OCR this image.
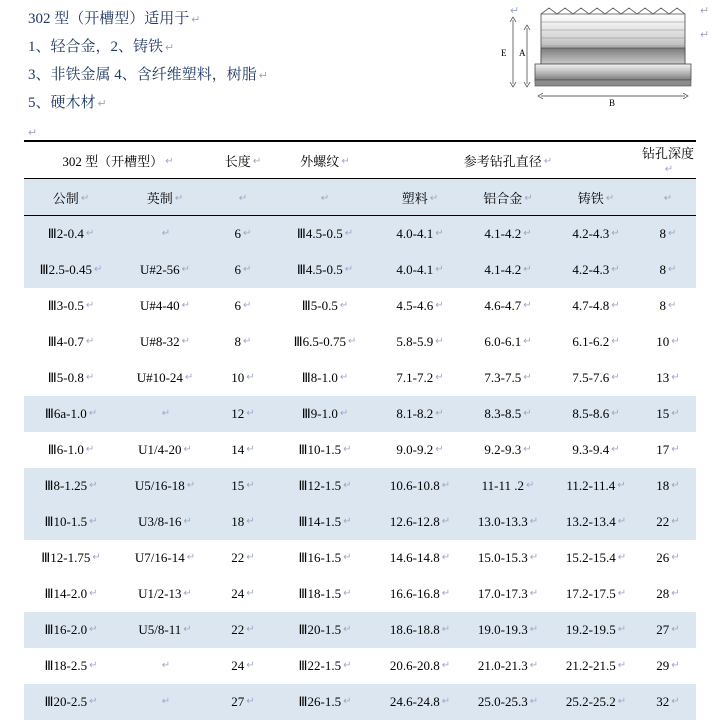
302 型（开槽型）适用于 ↵
1、轻合金，2、铸铁 ↵
3、非铁金属 4、含纤维塑料，树脂 ↵
5、硬木材 ↵
↵	↵
↵
A
E
B
↵
302 型（开槽型） ↵		长度 ↵	外螺纹 ↵	参考钻孔直径 ↵			钻孔深度↵
公制 ↵	英制 ↵	↵	↵	塑料 ↵	铝合金 ↵	铸铁 ↵	↵
Ⅲ2-0.4 ↵	↵	6 ↵	Ⅲ4.5-0.5 ↵	4.0-4.1 ↵	4.1-4.2 ↵	4.2-4.3 ↵	8 ↵
Ⅲ2.5-0.45 ↵	U#2-56 ↵	6 ↵	Ⅲ4.5-0.5 ↵	4.0-4.1 ↵	4.1-4.2 ↵	4.2-4.3 ↵	8 ↵
Ⅲ3-0.5 ↵	U#4-40 ↵	6 ↵	Ⅲ5-0.5 ↵	4.5-4.6 ↵	4.6-4.7 ↵	4.7-4.8 ↵	8 ↵
Ⅲ4-0.7 ↵	U#8-32 ↵	8 ↵	Ⅲ6.5-0.75 ↵	5.8-5.9 ↵	6.0-6.1 ↵	6.1-6.2 ↵	10 ↵
Ⅲ5-0.8 ↵	U#10-24 ↵	10 ↵	Ⅲ8-1.0 ↵	7.1-7.2 ↵	7.3-7.5 ↵	7.5-7.6 ↵	13 ↵
Ⅲ6a-1.0 ↵	↵	12 ↵	Ⅲ9-1.0 ↵	8.1-8.2 ↵	8.3-8.5 ↵	8.5-8.6 ↵	15 ↵
Ⅲ6-1.0 ↵	U1/4-20 ↵	14 ↵	Ⅲ10-1.5 ↵	9.0-9.2 ↵	9.2-9.3 ↵	9.3-9.4 ↵	17 ↵
Ⅲ8-1.25 ↵	U5/16-18 ↵	15 ↵	Ⅲ12-1.5 ↵	10.6-10.8 ↵	11-11 .2 ↵	11.2-11.4 ↵	18 ↵
Ⅲ10-1.5 ↵	U3/8-16 ↵	18 ↵	Ⅲ14-1.5 ↵	12.6-12.8 ↵	13.0-13.3 ↵	13.2-13.4 ↵	22 ↵
Ⅲ12-1.75 ↵	U7/16-14 ↵	22 ↵	Ⅲ16-1.5 ↵	14.6-14.8 ↵	15.0-15.3 ↵	15.2-15.4 ↵	26 ↵
Ⅲ14-2.0 ↵	U1/2-13 ↵	24 ↵	Ⅲ18-1.5 ↵	16.6-16.8 ↵	17.0-17.3 ↵	17.2-17.5 ↵	28 ↵
Ⅲ16-2.0 ↵	U5/8-11 ↵	22 ↵	Ⅲ20-1.5 ↵	18.6-18.8 ↵	19.0-19.3 ↵	19.2-19.5 ↵	27 ↵
Ⅲ18-2.5 ↵	↵	24 ↵	Ⅲ22-1.5 ↵	20.6-20.8 ↵	21.0-21.3 ↵	21.2-21.5 ↵	29 ↵
Ⅲ20-2.5 ↵	↵	27 ↵	Ⅲ26-1.5 ↵	24.6-24.8 ↵	25.0-25.3 ↵	25.2-25.2 ↵	32 ↵
